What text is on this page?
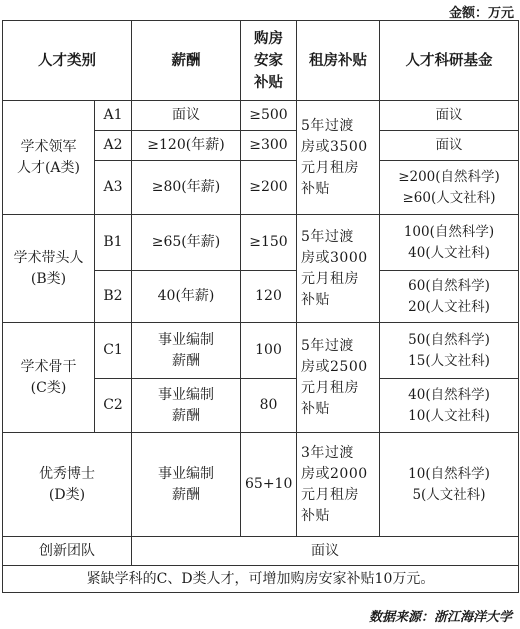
金额：万元
人才类别		薪酬	购房
安家
补贴	租房补贴	人才科研基金
学术领军
人才(A类)	A1	面议	≥500	5年过渡
房或3500
元月租房
补贴	面议
	A2	≥120(年薪)	≥300		面议
	A3	≥80(年薪)	≥200		≥200(自然科学)
≥60(人文社科)
学术带头人
(B类)	B1	≥65(年薪)	≥150	5年过渡
房或3000
元月租房
补贴	100(自然科学)
40(人文社科)
	B2	40(年薪)	120		60(自然科学)
20(人文社科)
学术骨干
(C类)	C1	事业编制
薪酬	100	5年过渡
房或2500
元月租房
补贴	50(自然科学)
15(人文社科)
	C2	事业编制
薪酬	80		40(自然科学)
10(人文社科)
优秀博士
(D类)		事业编制
薪酬	65+10	3年过渡
房或2000
元月租房
补贴	10(自然科学)
5(人文社科)
创新团队		面议			
紧缺学科的C、D类人才，可增加购房安家补贴10万元。					
数据来源：浙江海洋大学
